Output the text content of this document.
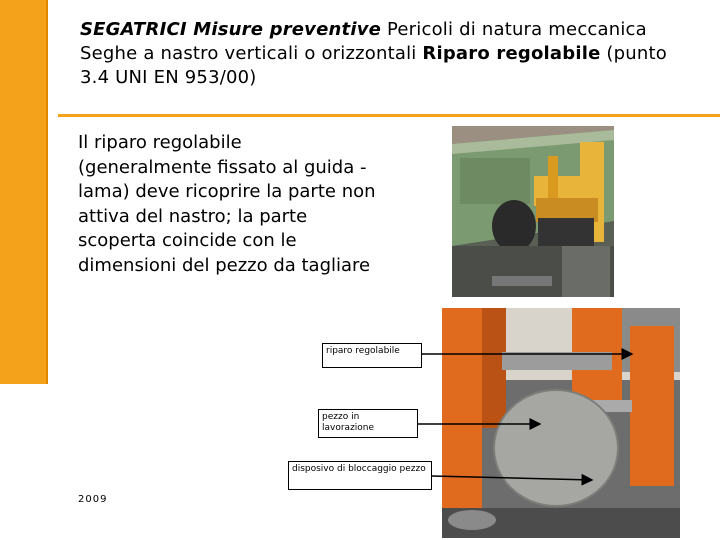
SEGATRICI Misure preventive Pericoli di natura meccanica Seghe a nastro verticali o orizzontali Riparo regolabile (punto 3.4 UNI EN 953/00)
Il riparo regolabile (generalmente fissato al guida -lama) deve ricoprire la parte non attiva del nastro; la parte scoperta coincide con le dimensioni del pezzo da tagliare
riparo regolabile
pezzo in lavorazione
disposivo di bloccaggio pezzo
2009
